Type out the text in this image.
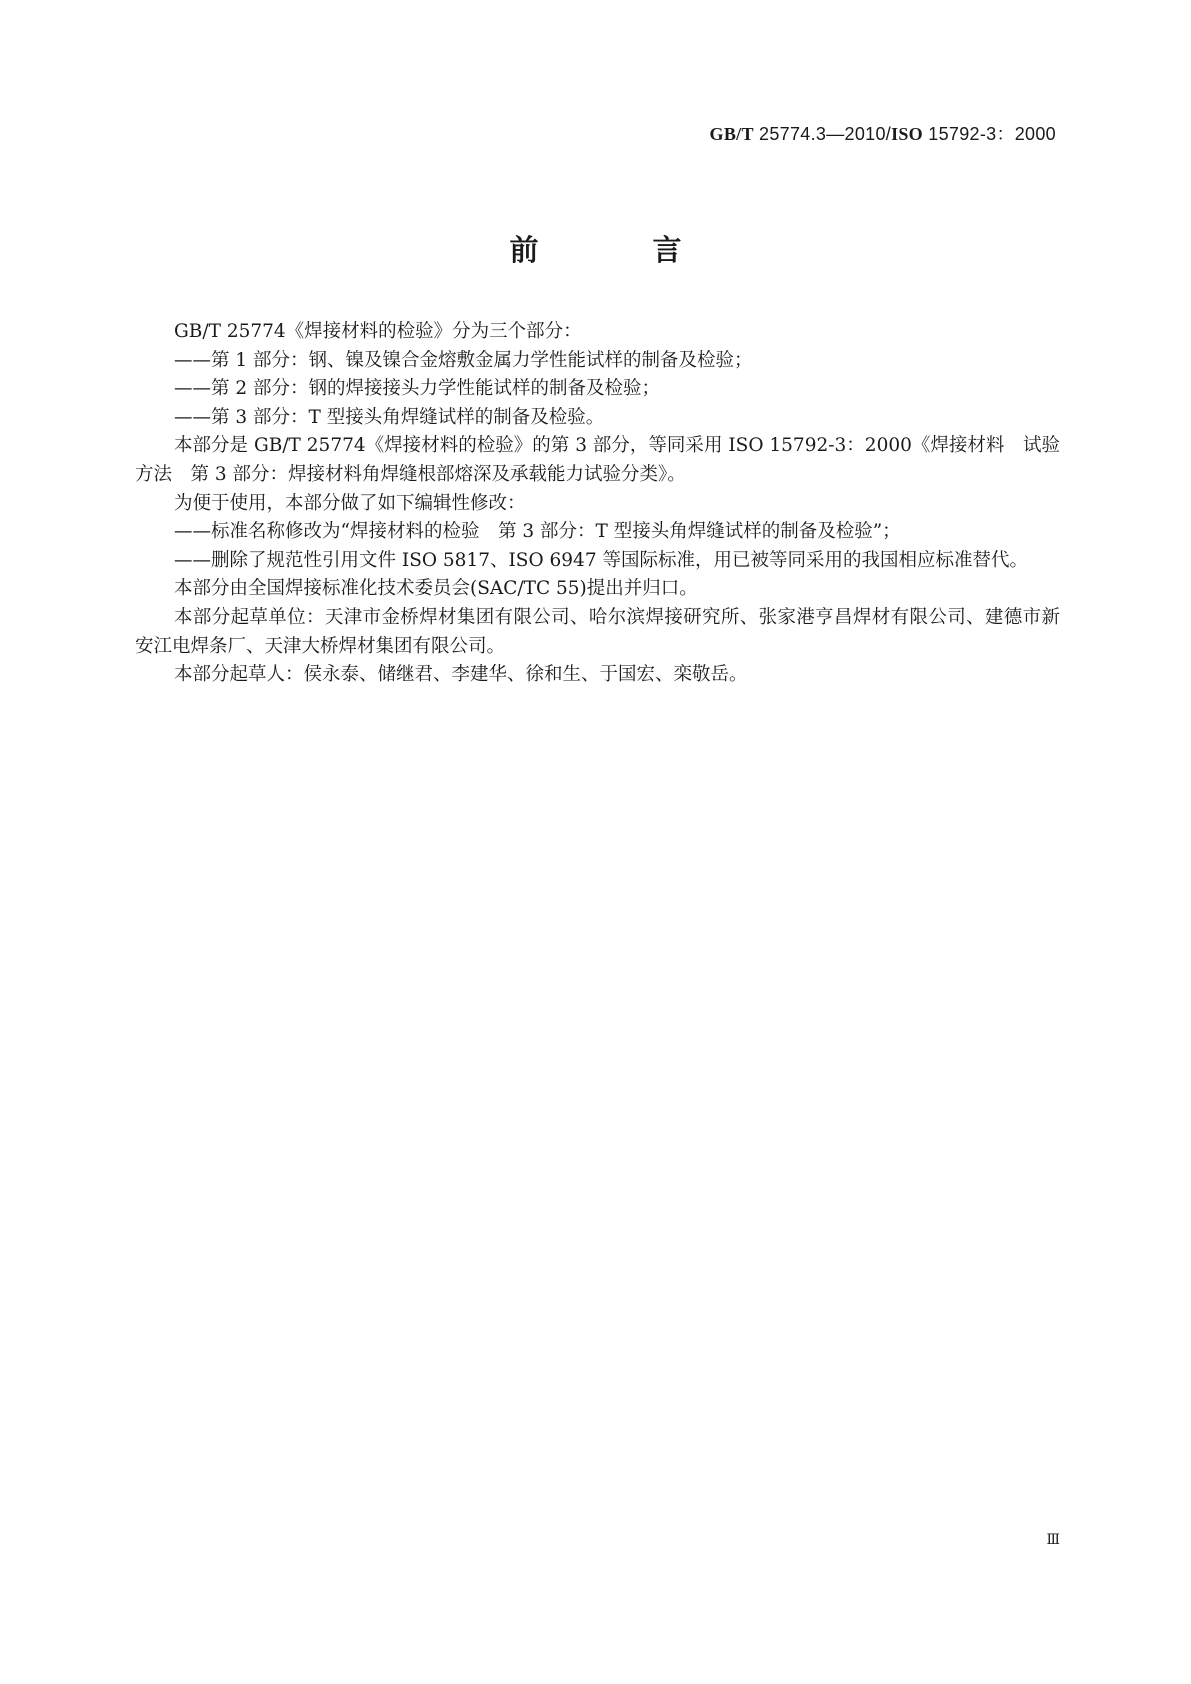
GB/T 25774.3—2010/ISO 15792-3：2000
前 言

GB/T 25774《焊接材料的检验》分为三个部分：

——第 1 部分：钢、镍及镍合金熔敷金属力学性能试样的制备及检验；

——第 2 部分：钢的焊接接头力学性能试样的制备及检验；

——第 3 部分：T 型接头角焊缝试样的制备及检验。

本部分是 GB/T 25774《焊接材料的检验》的第 3 部分，等同采用 ISO 15792-3：2000《焊接材料　试验方法　第 3 部分：焊接材料角焊缝根部熔深及承载能力试验分类》。

为便于使用，本部分做了如下编辑性修改：

——标准名称修改为“焊接材料的检验　第 3 部分：T 型接头角焊缝试样的制备及检验”；

——删除了规范性引用文件 ISO 5817、ISO 6947 等国际标准，用已被等同采用的我国相应标准替代。

本部分由全国焊接标准化技术委员会(SAC/TC 55)提出并归口。

本部分起草单位：天津市金桥焊材集团有限公司、哈尔滨焊接研究所、张家港亨昌焊材有限公司、建德市新安江电焊条厂、天津大桥焊材集团有限公司。

本部分起草人：侯永泰、储继君、李建华、徐和生、于国宏、栾敬岳。

Ⅲ
